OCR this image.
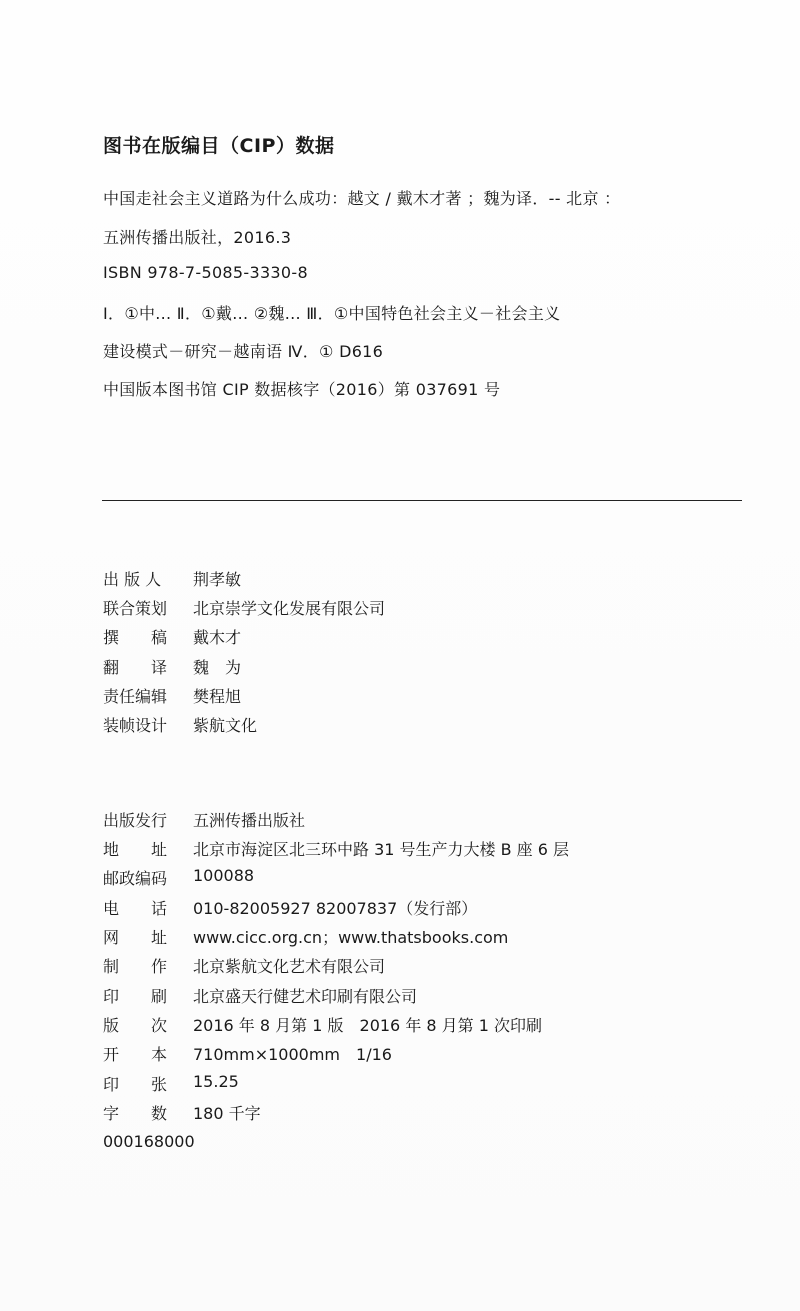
图书在版编目（CIP）数据
中国走社会主义道路为什么成功：越文 / 戴木才著 ；魏为译．-- 北京 ：
五洲传播出版社，2016.3
ISBN 978-7-5085-3330-8
Ⅰ．①中... Ⅱ．①戴... ②魏... Ⅲ．①中国特色社会主义－社会主义
建设模式－研究－越南语 Ⅳ．① D616
中国版本图书馆 CIP 数据核字（2016）第 037691 号
出 版 人	荆孝敏
联合策划	北京崇学文化发展有限公司
撰　　稿	戴木才
翻　　译	魏　为
责任编辑	樊程旭
装帧设计	紫航文化
出版发行	五洲传播出版社
地　　址	北京市海淀区北三环中路 31 号生产力大楼 B 座 6 层
邮政编码	100088
电　　话	010-82005927 82007837（发行部）
网　　址	www.cicc.org.cn；www.thatsbooks.com
制　　作	北京紫航文化艺术有限公司
印　　刷	北京盛天行健艺术印刷有限公司
版　　次	2016 年 8 月第 1 版　2016 年 8 月第 1 次印刷
开　　本	710mm×1000mm　1/16
印　　张	15.25
字　　数	180 千字
000168000
